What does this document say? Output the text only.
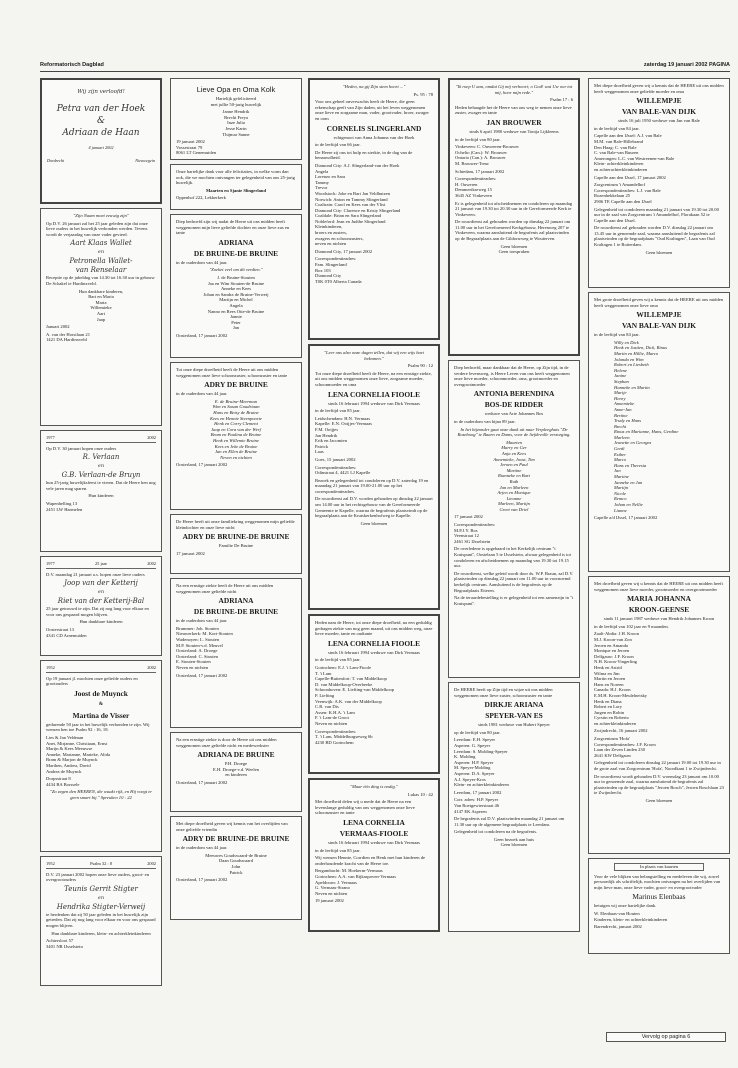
Reformatorisch Dagblad	zaterdag 19 januari 2002 PAGINA
Wij zijn verloofd!
Petra van der Hoek
&
Adriaan de Haan
4 januari 2002
Dordrecht	Nieuwegein

"Zijn Naam moet eeuwig zijn"

Op D.V. 26 januari zal het 25 jaar geleden zijn dat onze lieve ouders in het huwelijk verbonden werden. Tevens wordt de verjaardag van onze vader gevierd.

Aart Klaas Wallet
en
Petronella Wallet-
van Renselaar

Receptie op de jubeldag van 14.30 tot 16.30 uur in gebouw De Schakel te Hardinxveld.

Hun dankbare kinderen,
Bart en Maria
Maria
Willemieke
Aart
Jaap

Januari 2002

A. van der Horstlaan 21
1421 DA Hardinxveld

1977	2002

Op D.V. 30 januari hopen onze ouders

R. Verlaan
en
G.B. Verlaan-de Bruyn

hun 25-jarig huwelijksfeest te vieren. Dat de Heere hen nog vele jaren mag sparen.

Hun kinderen

Wapenhelling 13
2451 LW Harmelen

1977	25 jaar	2002

D.V. maandag 21 januari a.s. hopen onze lieve ouders

Joop van der Ketterij
en
Riet van der Ketterij-Bal

25 jaar getrouwd te zijn. Dat zij nog lang voor elkaar en voor ons gespaard mogen blijven.

Hun dankbare kinderen

Oosterstraat 13
4341 CD Arnemuiden

1952	2002

Op 19 januari jl. mochten onze geliefde ouders en grootouders

Joost de Muynck
&
Martina de Visser

gedurende 50 jaar in het huwelijk verbonden te zijn. Wij wensen hen toe Psalm 92 : 16, 18.

Lies & Jan Veldman
Anet, Mirjanne, Christiaan, Ernst
Marijn & Kees Meeuwse
Anneke, Marianne, Marieke, Alida
Bram & Marjon de Muynck
Marthen, Andrea, David
Andrea de Muynck

Dorpsstraat 8
4434 BA Borssele

"Zo zegen den HEEREN, die waakt rijk, en Hij voegt er geen smart bij." Spreuken 10 : 22

1952	Psalm 32 : 8	2002

D.V. 23 januari 2002 hopen onze lieve ouders, groot- en overgrootouders

Teunis Gerrit Stigter
en
Hendrika Stigter-Verweij

te herdenken dat zij 50 jaar geleden in het huwelijk zijn getreden. Dat zij nog lang voor elkaar en voor ons gespaard mogen blijven.

Hun dankbare kinderen, klein- en achterkleinkinderen

Achtersloot 57
3401 NR IJsselstein

Lieve Opa en Oma Kolk

Hartelijk gefeliciteerd
met jullie 50-jarig huwelijk

Janne Hendrik
Brecht Freya
Inze Julia
Jesse Karin
Thijmar Sanne

19 januari 2002
Vossestraat 79
8061 LT Genemuiden

Onze hartelijke dank voor alle felicitaties, in welke vorm dan ook, die we mochten ontvangen ter gelegenheid van ons 25-jarig huwelijk.

Maarten en Sjanie Slingerland

Oppenhof 222, Lekkerkerk

Diep bedroefd zijn wij nadat de Heere uit ons midden heeft weggenomen mijn lieve geliefde dochter en onze lieve zus en tante

ADRIANA
DE BRUINE-DE BRUINE

in de ouderdom van 44 jaar.

"Zoeket veel om dit verdien."

J. de Bruine-Stouten
Jaa en Wim Stouten-de Bruine
Anneke en Kees
Johan en Sandra de Bruine-Verweij
Martijn en Michel
Angela
Nanno en Rees Otte-de Bruine
Jannie
Peter
Jan

Oosterland, 17 januari 2002

Tot onze diepe droefheid heeft de Heere uit ons midden weggenomen onze lieve schoonzuster, schoonzuster en tante

ADRY DE BRUINE

in de ouderdom van 44 jaar.

E. de Bruine-Meerman
Wim en Susan Goudriaan
Hans en Betsy de Bruine
Kees en Hennie Steenpoorte
Henk en Corry Clement
Jaap en Cora van der Werf
Bram en Paulina de Bruine
Henk en Willemie Bruine
Kees en Jeke de Bruine
Jan en Ellen de Bruine
Neven en nichten

Oosterland, 17 januari 2002

De Heere heeft uit onze familiekring weggenomen mijn geliefde kleindochter en onze lieve nicht

ADRY DE BRUINE-DE BRUINE

Familie De Bruine

17 januari 2002

Na een ernstige ziekte heeft de Heere uit ons midden weggenomen onze geliefde nicht

ADRIANA
DE BRUINE-DE BRUINE

in de ouderdom van 44 jaar.

Brummer: Joh. Stouten
Nieuwerkerk: M. Kort-Stouten
Wadenoyen: L. Stouten
M.P. Stouten-v.d. Meuvel
Oosterland: A. Droege
Oosterland: C. Stouten
E. Stouten-Stouten
Neven en nichten

Oosterland, 17 januari 2002

Na een ernstige ziekte is door de Heere uit ons midden weggenomen onze geliefde nicht en medewerkster

ADRIANA DE BRUINE

P.H. Droege
E.H. Droege-v.d. Weelen
en kinderen

Oosterland, 17 januari 2002

Met diepe droefheid geven wij kennis van het overlijden van onze geliefde vriendin

ADRY DE BRUINE-DE BRUINE

in de ouderdom van 44 jaar.

Meeuwes Goudswaard-de Bruine
Daan Goudswaard
John
Patrick

Oosterland, 17 januari 2002

"Heden, na gij Zijn stem hoort ..."

Ps. 95 : 78

Voor ons geheel onverwachts heeft de Heere, die geen rekenschap geeft van Zijn daden, uit het leven weggenomen onze lieve en zorgzame man, vader, grootvader, broer, zwager en oom

CORNELIS SLINGERLAND

echtgenoot van Anna Johanna van der Hoek

in de leeftijd van 66 jaar.

De Heere zij ons tot hulp en sterkte, in de dag van de benauwdheid.

Diamond City: A.J. Slingerland-van der Hoek
Angela
Lorenzo en Sara
Tammy
Trevor
Woodstock: Joke en Bart Jan Veldhuizen
Norwich: Anton en Tammy Slingerland
Coaltrain: Carol en Kees van der Vlist
Diamond City: Clarence en Kristy Slingerland
Coaldale: Brian en Sara Slingerland
Nobleford: Jean en Judthe Slingerland
Kleinkinderen,
broers en zusters,
zwagers en schoonzusters,
neven en nichten

Diamond City, 17 januari 2002

Correspondentieadres:
Fam. Slingerland
Box 103
Diamond City
T0K 0T0 Alberta Canada

"Leer ons alzo onze dagen tellen, dat wij een wijs hart bekomen."

Psalm 90 : 12

Tot onze diepe droefheid heeft de Heere, na een ernstige ziekte, uit ons midden weggenomen onze lieve, zorgzame moeder, schoonmoeder en oma

LENA CORNELIA FIOOLE

sinds 16 februari 1994 weduwe van Dirk Vermaas

in de leeftijd van 85 jaar.

Leidschendam: H.N. Vermaas
Kapelle: E.N. Ooijjes-Vermaas
F.M. Ooijjes
Jan Hendrik
Erik en Jacomien
Patrick
Laas

Goes, 15 januari 2002

Correspondentieadres:
Odinstraat 4, 4421 LJ Kapelle

Bezoek en gelegenheid tot condoleren op D.V. zaterdag 19 en maandag 21 januari van 19.00-21.00 uur op het correspondentieadres.

De rouwdienst zal D.V. worden gehouden op dinsdag 22 januari om 14.00 uur in het rechtsgebouw van de Gereformeerde Gemeente te Kapelle, waarna de begrafenis plaatsvindt op de begraafplaats aan de Kruiskerkenhofweg te Kapelle.

Geen bloemen

Heden nam de Heere, tot onze diepe droefheid, na een geduldig gedragen ziekte van nog geen maand, uit ons midden weg, onze lieve moeder, tante en oudtante

LENA CORNELIA FIOOLE

sinds 16 februari 1994 weduwe van Dirk Vermaas

in de leeftijd van 85 jaar.

Gorinchem: E.J. 't Lam-Fioole
T. 't Lam
Capelle-Buitenfort: T. van Middelkoop
D. van Middelkoop-Overbeeke
Schoonhoven: E. Liefting-van Middelkoop
P. Liefting
Veenwijk: A.K. van der Middelkoop
C.R. van Dis
Assen: K.H.A. 't Lam
F. 't Lam-de Groot
Neven en nichten

Correspondentieadres:
T. 't Lam, Middelburgseweg 6b
4230 BD Gorinchem

"Maar één ding is nodig."

Lukas 10 : 42

Met droefheid delen wij u mede dat de Heere na een levenslange geduldig van ons weggenomen onze lieve schoonzuster en tante

LENA CORNELIA
VERMAAS-FIOOLE

sinds 16 februari 1994 weduwe van Dirk Vermaas

in de leeftijd van 85 jaar.

Wij wensen Hennie, Corrdien en Henk met hun kinderen de onderhoudende kracht van de Heere toe.

Bergambacht: M. Hoekerm-Vermaas
Gorinchem: A.A. van Rijkaspoven-Vermaas
Apeldoorn: J. Vermaas
G. Vermaas-Strano
Neven en nichten

19 januari 2002

"Ik roep U aan, omdat Gij mij verhoort; o God! wat Uw oor tot mij, hoor mijn rede."

Psalm 17 : 6

Heden behaagde het de Heere van ons weg te nemen onze lieve zuster, zwager en tante

JAN BROUWER

sinds 6 april 1980 weduwe van Tonija Lijkleems

in de leeftijd van 80 jaar.

Vinkeveen: C. Ouweeren-Brouwer
Ochelto (Can.): W. Brouwer
Ontario (Can.): A. Brouwer
M. Brouwer-Treur

Schiedam, 17 januari 2002

Correspondentieadres:
H. Ouweren
Demmerikseweg 15
3645 AZ Vinkeveen

Er is gelegenheid tot afscheidnemen en condoleren op maandag 21 januari van 19.30 tot 20.30 uur in de Gereformeerde Kerk te Vinkeveen.

De rouwdienst zal gehouden worden op dinsdag 22 januari om 11.00 uur in het Gereformeerd Kerkgebouw, Herenweg 207 te Vinkeveen, waarna aansluitend de begrafenis zal plaatsvinden op de Begraafplaats aan de Gildorsrweg te Wouterven.

Geen bloemen
Geen toespraken

Diep bedroefd, maar dankbaar dat de Heere, op Zijn tijd, in de verdere levensweg, is Heere Leven van ons heeft weggenomen onze lieve moeder, schoonmoeder, oma, grootmoeder en overgrootmoeder

ANTONIA BERENDINA
BOS-DE RIDDER

weduwe van Arie Johannes Bos

in de ouderdom van bijna 89 jaar.

In het bijzonder gaat onze dank uit naar Verpleeghuis "De Rozeboog" te Baarn en Dams, voor de liefdevolle verzorging.

Maarten
Marry en Ger
Anja en Kees
Annemieke, Joost, Tim
Jeroen en Paul
Martine
Rianneke en Bart
Ruth
Jan en Marleen
Arjen en Monique
Lieanne
Marleen, Martijn
Greet van Driel

17 januari 2002

Correspondentieadres:
M.P.J.Y. Bos
Veenstraat 12
2461 SG IJsselstein

De overledene is opgebaard in het Kerkelijk centrum "t Kruispunt", Oostelaan 5 te IJsselstein, alwaar gelegenheid is tot condoleren en afscheidnemen op maandag van 19.30 tot 19.15 uur.

De rouwdienst, welke geleid wordt door ds. W.P. Braun, zal D.V. plaatsvinden op dinsdag 22 januari om 11.00 uur in voornoemd kerkelijk centrum. Aansluitend is de begrafenis op de Begraafplaats Eiteren.

Na de teraardebestelling is er gelegenheid tot een samenzijn in "t Kruispunt".

De HEERE heeft op Zijn tijd en wijze uit ons midden weggenomen onze lieve zuster, schoonzuster en tante

DIRKJE ARIANA
SPEYER-VAN ES

sinds 1981 weduwe van Hubert Speyer

op de leeftijd van 80 jaar.

Leerdam: E.H. Speyer
Asperen: G. Speyer
Leerdam: S. Molding-Speyer
K. Molding
Asperen: H.P. Speyer
M. Speyer-Molding
Asperen: D.A. Speyer
A.J. Speyer-Kros
Klein- en achterkleinkinderen

Leerdam, 17 januari 2002

Corr. adres: H.P. Speyer
Van Roetgewierstraat 46
4147 EK Asperen

De begrafenis zal D.V. plaatsvinden maandag 21 januari om 11.30 uur op de algemene begraafplaats te Leerdam.

Gelegenheid tot condoleren na de begrafenis.

Geen bezoek aan huis
Geen bloemen

Met diepe droefheid geven wij u kennis dat de HEERE uit ons midden heeft weggenomen onze geliefde moeder en oma

WILLEMPJE
VAN BALE-VAN DIJK

sinds 16 juli 1950 weduwe van Jan van Bale

in de leeftijd van 84 jaar.

Capelle aan den IJssel: A.J. van Bale
M.M. van Bale-Hillebrand
Den Haag: C. van Bale
C. van Bale-van Buuren
Amerongen: L.C. van Westreenen-van Bale
Klein- achterkleinkinderen
en achterachterkleinkinderen

Capelle aan den IJssel, 17 januari 2002

Zorgcentrum 't Amandelhof
Correspondentieadres: L.J. van Bale
Rozenhekkelaan 25
2906 TE Capelle aan den IJssel

Gelegenheid tot condoleren maandag 21 januari van 19.30 tot 20.00 uur in de zaal van Zorgcentrum 't Amandelhof, Florakaan 52 te Capelle aan den IJssel.

De rouwdienst zal gehouden worden D.V. dinsdag 22 januari om 13.45 uur in genoemde zaal, waarna aansluitend de begrafenis zal plaatsvinden op de begraafplaats "Oud Kralingen", Laan van Oud Kralingen 1 te Rotterdam.

Geen bloemen

Met grote droefheid geven wij u kennis dat de HEERE uit ons midden heeft weggenomen onze lieve oma

WILLEMPJE
VAN BALE-VAN DIJK

in de leeftijd van 84 jaar.

Willy en Dick
Henk en Justien, Dick, Rinus
Martin en Hillie, Marco
Jolanda en Wim
Robert en Liesbeth
Helene
Janine
Stephan
Hanneke en Martin
Marije
Henry
Annemieke
Anne-Jan
Bertine
Trudy en Hans
Brecht
Rinus en Marianne, Hans, Gerdine
Marleen
Jeanette en Georges
Gerdi
Esther
Marco
Hans en Theresia
Jan
Martine
Janneke en Jan
Martijn
Nicole
Remco
Johan en Nellie
Lianne

Capelle a/d IJssel, 17 januari 2002

Met droefheid geven wij u kennis dat de HEERE uit ons midden heeft weggenomen onze lieve moeder, grootmoeder en overgrootmoeder

MARIA JOHANNA
KROON-GEENSE

sinds 11 januari 1987 weduwe van Hendrik Johannes Kroon

in de leeftijd van 102 jaar en 9 maanden.

Zaalt-Abdia: J.H. Kroon
M.J. Kroon-van Zon
Jeroen en Amanda
Monique en Jeroen
Delfgauw: J.F. Kroon
N.H. Kroon-Vingerling
Henk en Astrid
Wilma en Jim
Martin en Jeroen
Hans en Noreen
Canada: H.J. Kroon
E.M.H. Kroon-Meulelneisky
Henk en Diana
Robert en Lory
Jurgen en Robin
Cyrstin en Roberto
en achterkleinkinderen

Zwijndrecht, 16 januari 2002

Zorgcentrum 'Hofa'
Correspondentieadres: J.F. Kroon
Laan der Zeven Linden 230
2641 KW Delfgauw

Gelegenheid tot condoleren dinsdag 22 januari 19.00 tot 19.30 uur in de grote zaal van Zorgcentrum 'Hofa', Noordkant 1 te Zwijndrecht.

De rouwdienst wordt gehouden D.V. woensdag 23 januari om 10.00 uur in genoemde zaal, waarna aansluitend de begrafenis zal plaatsvinden op de begraafplaats "Jeroen Bosch", Jeroen Boschlaan 23 te Zwijndrecht.

Geen bloemen

In plaats van kaarten

Voor de vele blijken van belangstelling en medeleven die wij, zowel persoonlijk als schriftelijk, mochten ontvangen na het overlijden van mijn lieve man, onze lieve vader, groot- en overgrootvader

Marinus Elenbaas

betuigen wij onze hartelijke dank.

W. Elenbaas-van Houten
Kinderen, klein- en achterkleinkinderen

Barendrecht, januari 2002

Vervolg op pagina 6
